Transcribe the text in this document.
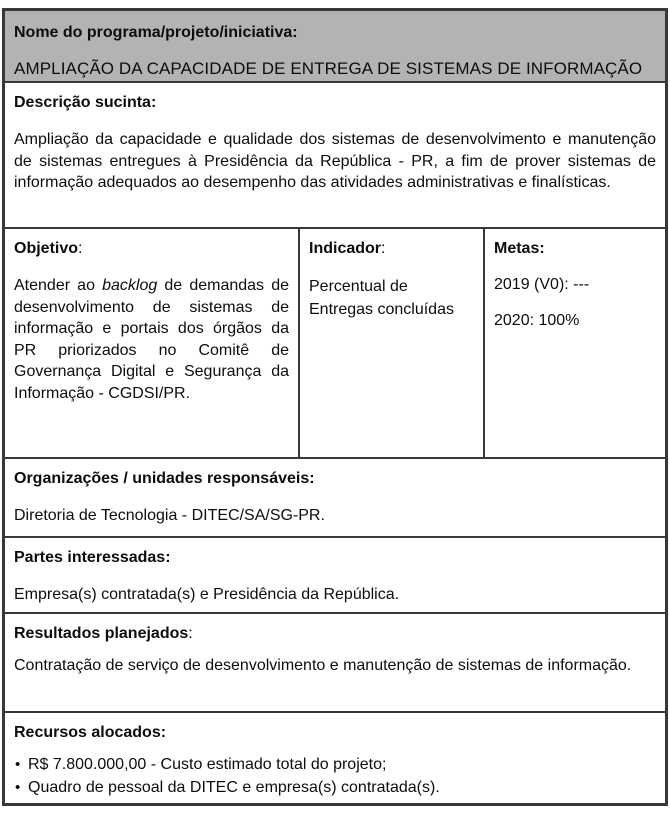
Nome do programa/projeto/iniciativa:
AMPLIAÇÃO DA CAPACIDADE DE ENTREGA DE SISTEMAS DE INFORMAÇÃO
Descrição sucinta:

Ampliação da capacidade e qualidade dos sistemas de desenvolvimento e manutenção de sistemas entregues à Presidência da República - PR, a fim de prover sistemas de informação adequados ao desempenho das atividades administrativas e finalísticas.

Objetivo:

Atender ao backlog de demandas de desenvolvimento de sistemas de informação e portais dos órgãos da PR priorizados no Comitê de Governança Digital e Segurança da Informação - CGDSI/PR.

Indicador:

Percentual de Entregas concluídas

Metas:
2019 (V0): ---
2020: 100%
Organizações / unidades responsáveis:

Diretoria de Tecnologia - DITEC/SA/SG-PR.

Partes interessadas:

Empresa(s) contratada(s) e Presidência da República.

Resultados planejados:

Contratação de serviço de desenvolvimento e manutenção de sistemas de informação.

Recursos alocados:
• R$ 7.800.000,00 - Custo estimado total do projeto;
• Quadro de pessoal da DITEC e empresa(s) contratada(s).
